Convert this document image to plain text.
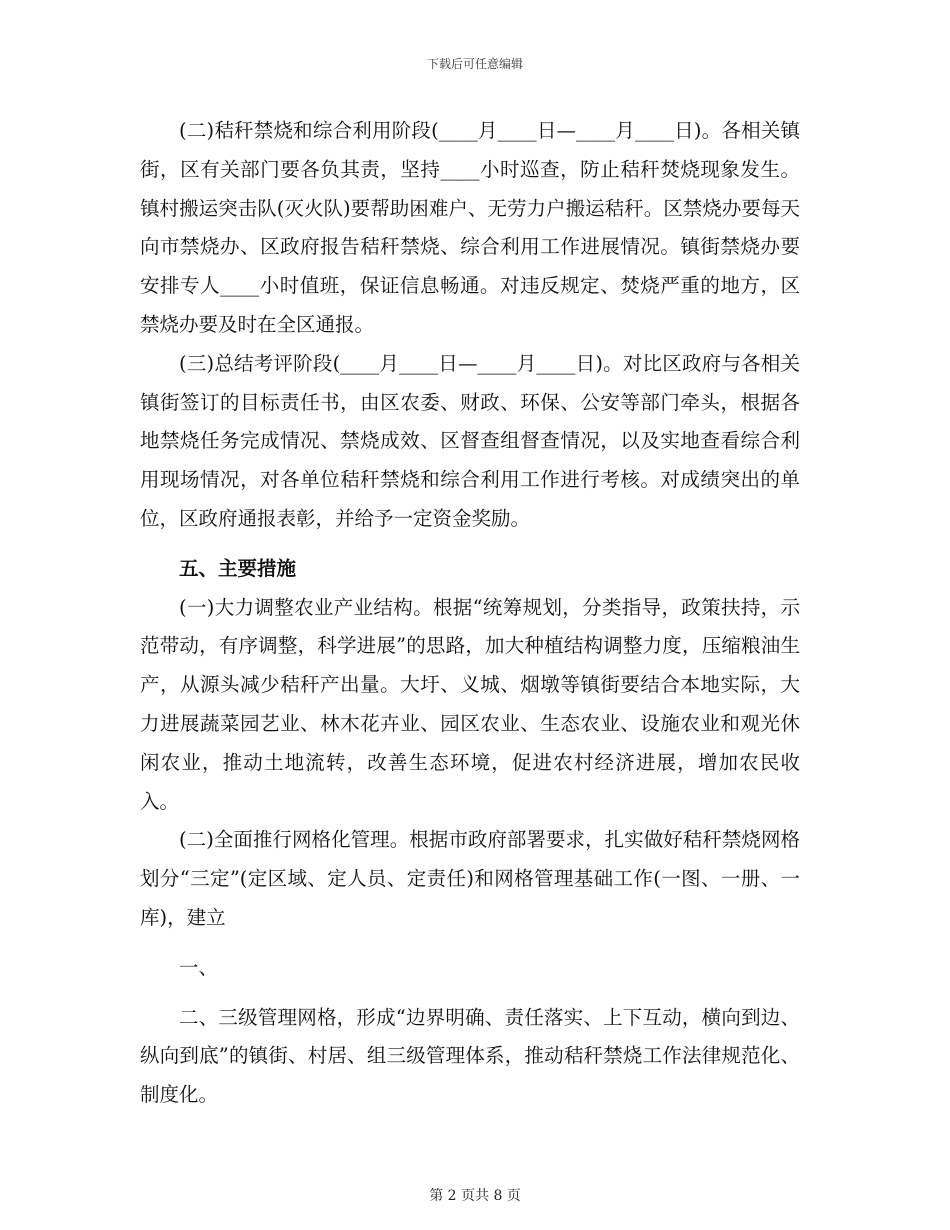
下载后可任意编辑

(二)秸秆禁烧和综合利用阶段(____月____日—____月____日)。各相关镇街，区有关部门要各负其责，坚持____小时巡查，防止秸秆焚烧现象发生。镇村搬运突击队(灭火队)要帮助困难户、无劳力户搬运秸秆。区禁烧办要每天向市禁烧办、区政府报告秸秆禁烧、综合利用工作进展情况。镇街禁烧办要安排专人____小时值班，保证信息畅通。对违反规定、焚烧严重的地方，区禁烧办要及时在全区通报。

(三)总结考评阶段(____月____日—____月____日)。对比区政府与各相关镇街签订的目标责任书，由区农委、财政、环保、公安等部门牵头，根据各地禁烧任务完成情况、禁烧成效、区督查组督查情况，以及实地查看综合利用现场情况，对各单位秸秆禁烧和综合利用工作进行考核。对成绩突出的单位，区政府通报表彰，并给予一定资金奖励。

五、主要措施

(一)大力调整农业产业结构。根据“统筹规划，分类指导，政策扶持，示范带动，有序调整，科学进展”的思路，加大种植结构调整力度，压缩粮油生产，从源头减少秸秆产出量。大圩、义城、烟墩等镇街要结合本地实际，大力进展蔬菜园艺业、林木花卉业、园区农业、生态农业、设施农业和观光休闲农业，推动土地流转，改善生态环境，促进农村经济进展，增加农民收入。

(二)全面推行网格化管理。根据市政府部署要求，扎实做好秸秆禁烧网格划分“三定”(定区域、定人员、定责任)和网格管理基础工作(一图、一册、一库)，建立

一、

二、三级管理网格，形成“边界明确、责任落实、上下互动，横向到边、纵向到底”的镇街、村居、组三级管理体系，推动秸秆禁烧工作法律规范化、制度化。

第 2 页共 8 页
